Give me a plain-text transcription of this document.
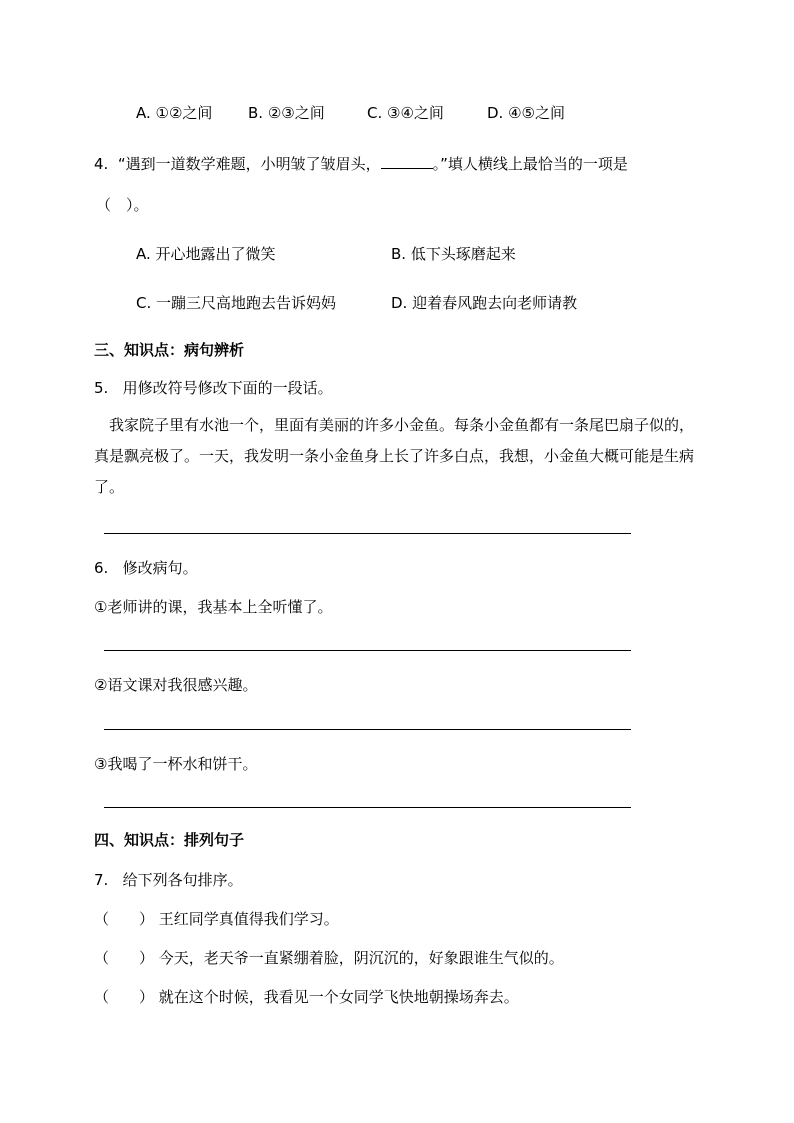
A. ①②之间 B. ②③之间	C. ③④之间	D. ④⑤之间
4. “遇到一道数学难题，小明皱了皱眉头，	。”填人横线上最恰当的一项是
（　）。
A. 开心地露出了微笑	B. 低下头琢磨起来
C. 一蹦三尺高地跑去告诉妈妈	D. 迎着春风跑去向老师请教
三、知识点：病句辨析
5. 用修改符号修改下面的一段话。
我家院子里有水池一个，里面有美丽的许多小金鱼。每条小金鱼都有一条尾巴扇子似的，真是飘亮极了。一天，我发明一条小金鱼身上长了许多白点，我想，小金鱼大概可能是生病了。
6. 修改病句。
①老师讲的课，我基本上全听懂了。
②语文课对我很感兴趣。
③我喝了一杯水和饼干。
四、知识点：排列句子
7. 给下列各句排序。
（　　） 王红同学真值得我们学习。
（　　） 今天，老天爷一直紧绷着脸，阴沉沉的，好象跟谁生气似的。
（　　） 就在这个时候，我看见一个女同学飞快地朝操场奔去。
